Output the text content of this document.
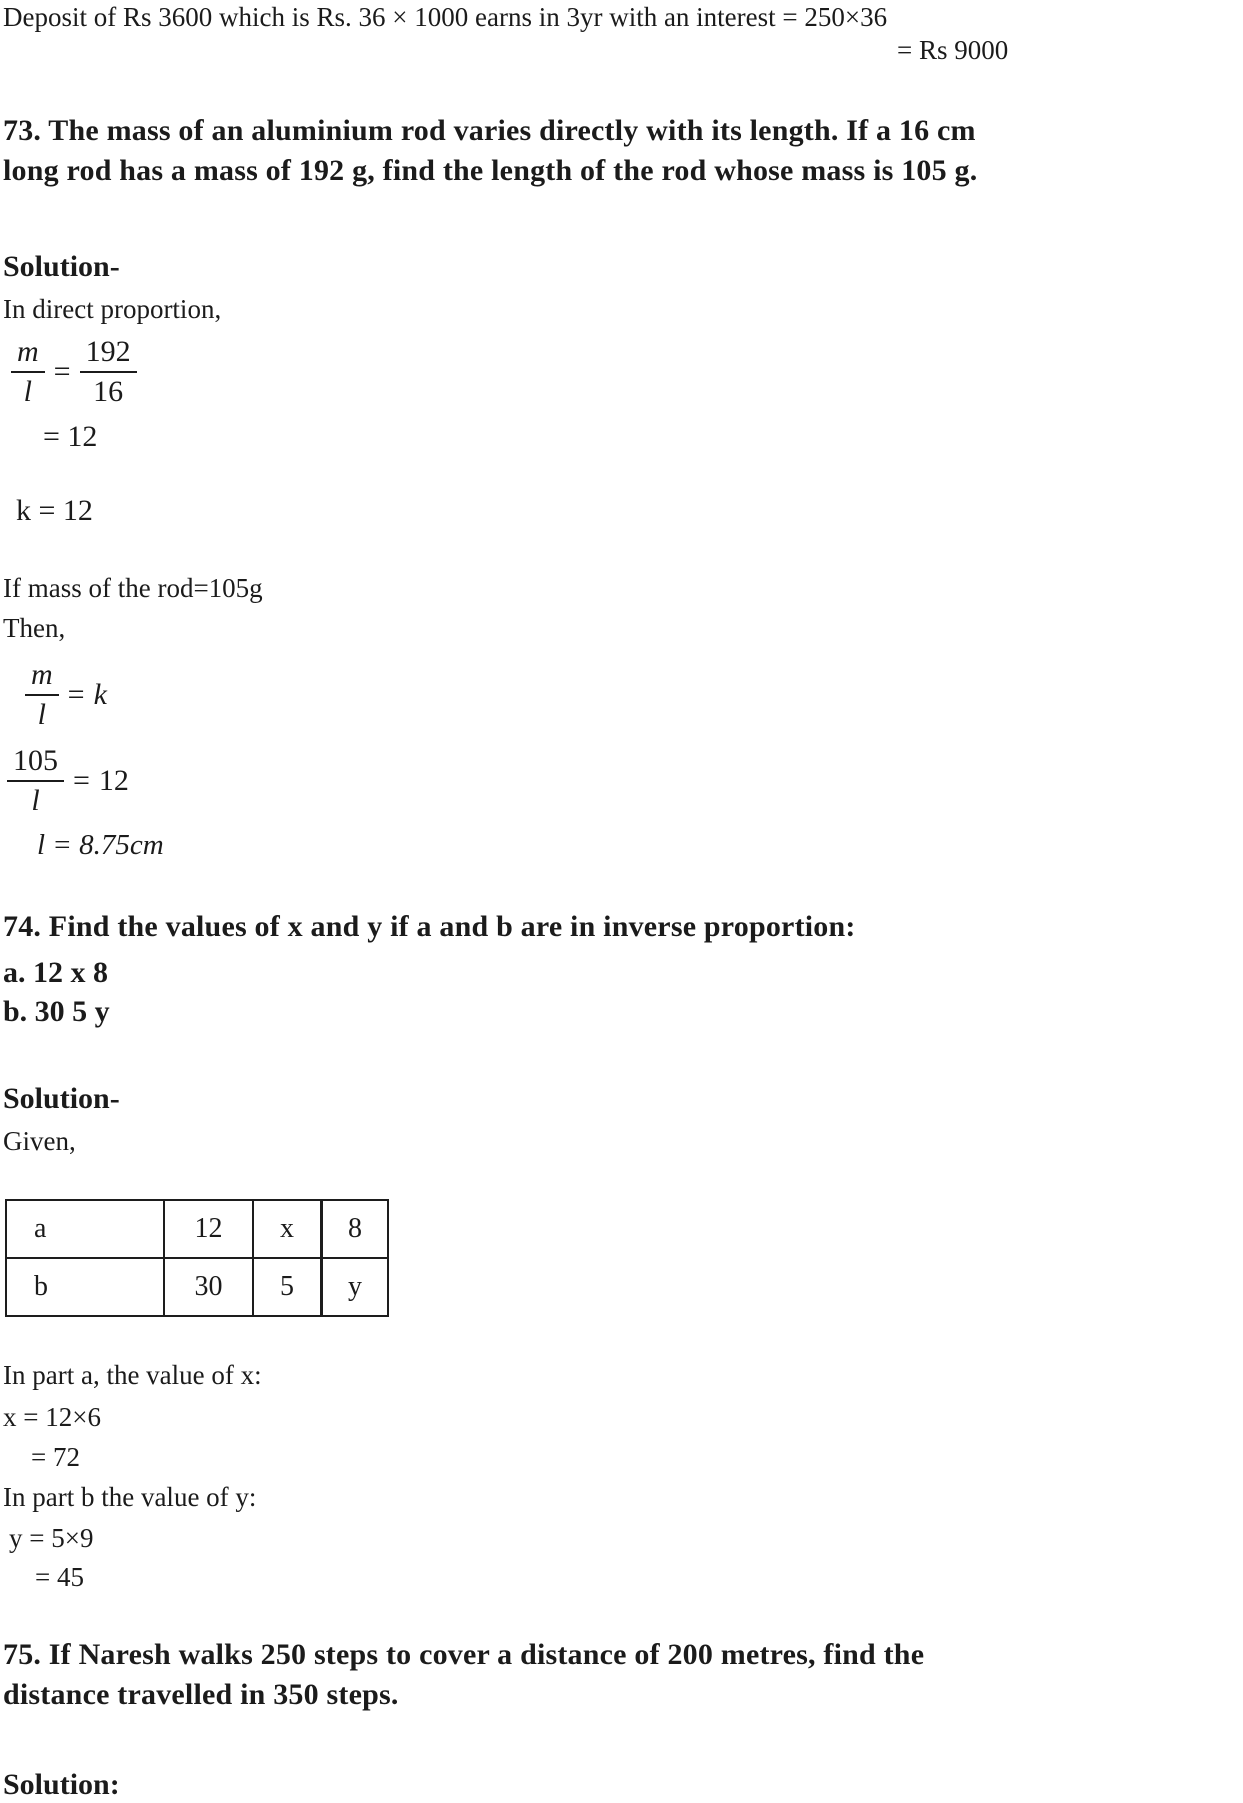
Deposit of Rs 3600 which is Rs. 36 × 1000 earns in 3yr with an interest = 250×36
= Rs 9000
73. The mass of an aluminium rod varies directly with its length. If a 16 cm
long rod has a mass of 192 g, find the length of the rod whose mass is 105 g.
Solution-
In direct proportion,
$\frac{m}{l} = \frac{192}{16}$
= 12
k = 12
If mass of the rod=105g
Then,
$\frac{m}{l} = k$
$\frac{105}{l} = 12$
l = 8.75cm
74. Find the values of x and y if a and b are in inverse proportion:
a. 12 x 8
b. 30 5 y
Solution-
Given,
a	12	x	8
b	30	5	y
In part a, the value of x:
x = 12×6
= 72
In part b the value of y:
y = 5×9
= 45
75. If Naresh walks 250 steps to cover a distance of 200 metres, find the
distance travelled in 350 steps.
Solution:
